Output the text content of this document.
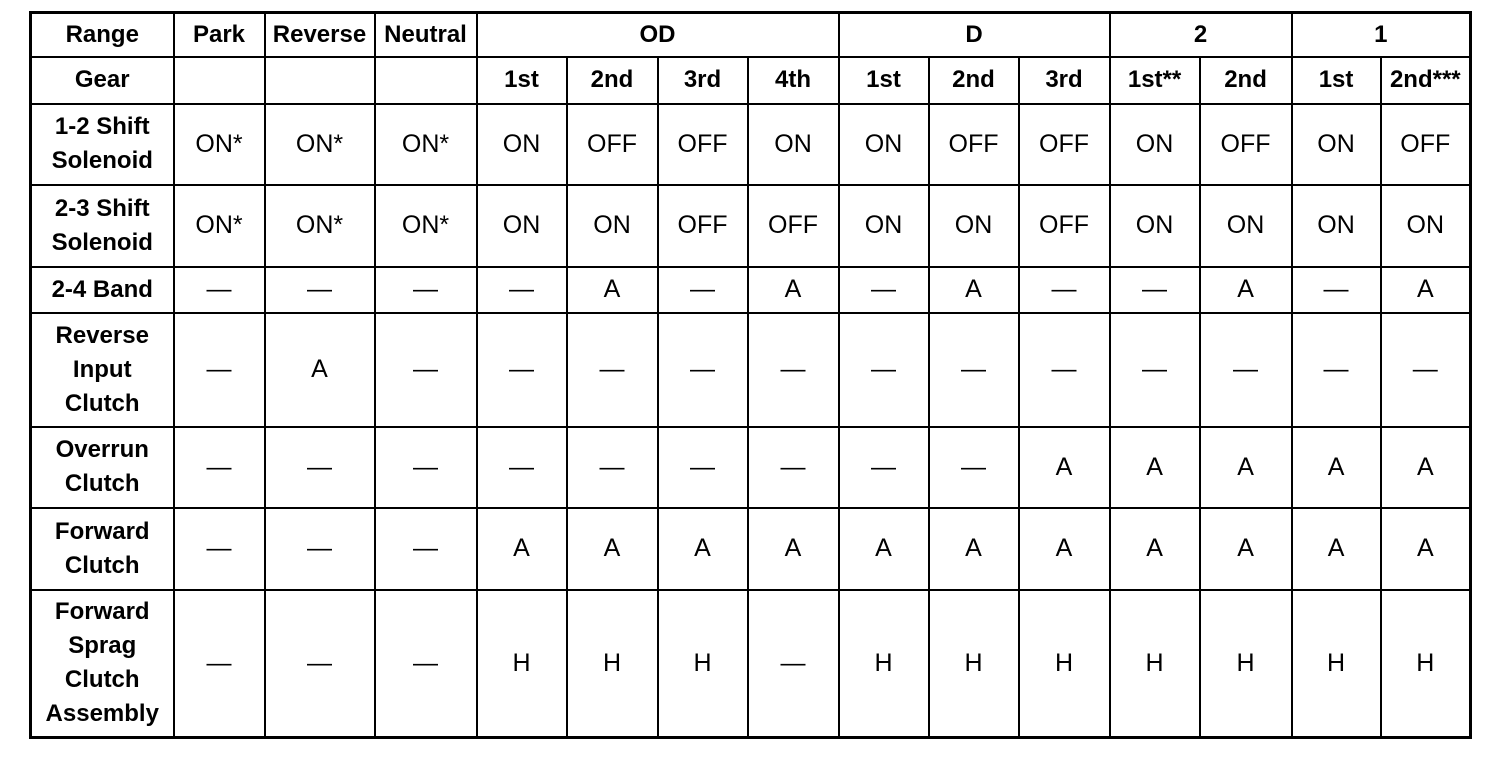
Range	Park	Reverse	Neutral	OD				D			2		1	
Gear				1st	2nd	3rd	4th	1st	2nd	3rd	1st**	2nd	1st	2nd***
1-2 Shift
Solenoid	ON*	ON*	ON*	ON	OFF	OFF	ON	ON	OFF	OFF	ON	OFF	ON	OFF
2-3 Shift
Solenoid	ON*	ON*	ON*	ON	ON	OFF	OFF	ON	ON	OFF	ON	ON	ON	ON
2-4 Band	—	—	—	—	A	—	A	—	A	—	—	A	—	A
Reverse
Input
Clutch	—	A	—	—	—	—	—	—	—	—	—	—	—	—
Overrun
Clutch	—	—	—	—	—	—	—	—	—	A	A	A	A	A
Forward
Clutch	—	—	—	A	A	A	A	A	A	A	A	A	A	A
Forward
Sprag
Clutch
Assembly	—	—	—	H	H	H	—	H	H	H	H	H	H	H
